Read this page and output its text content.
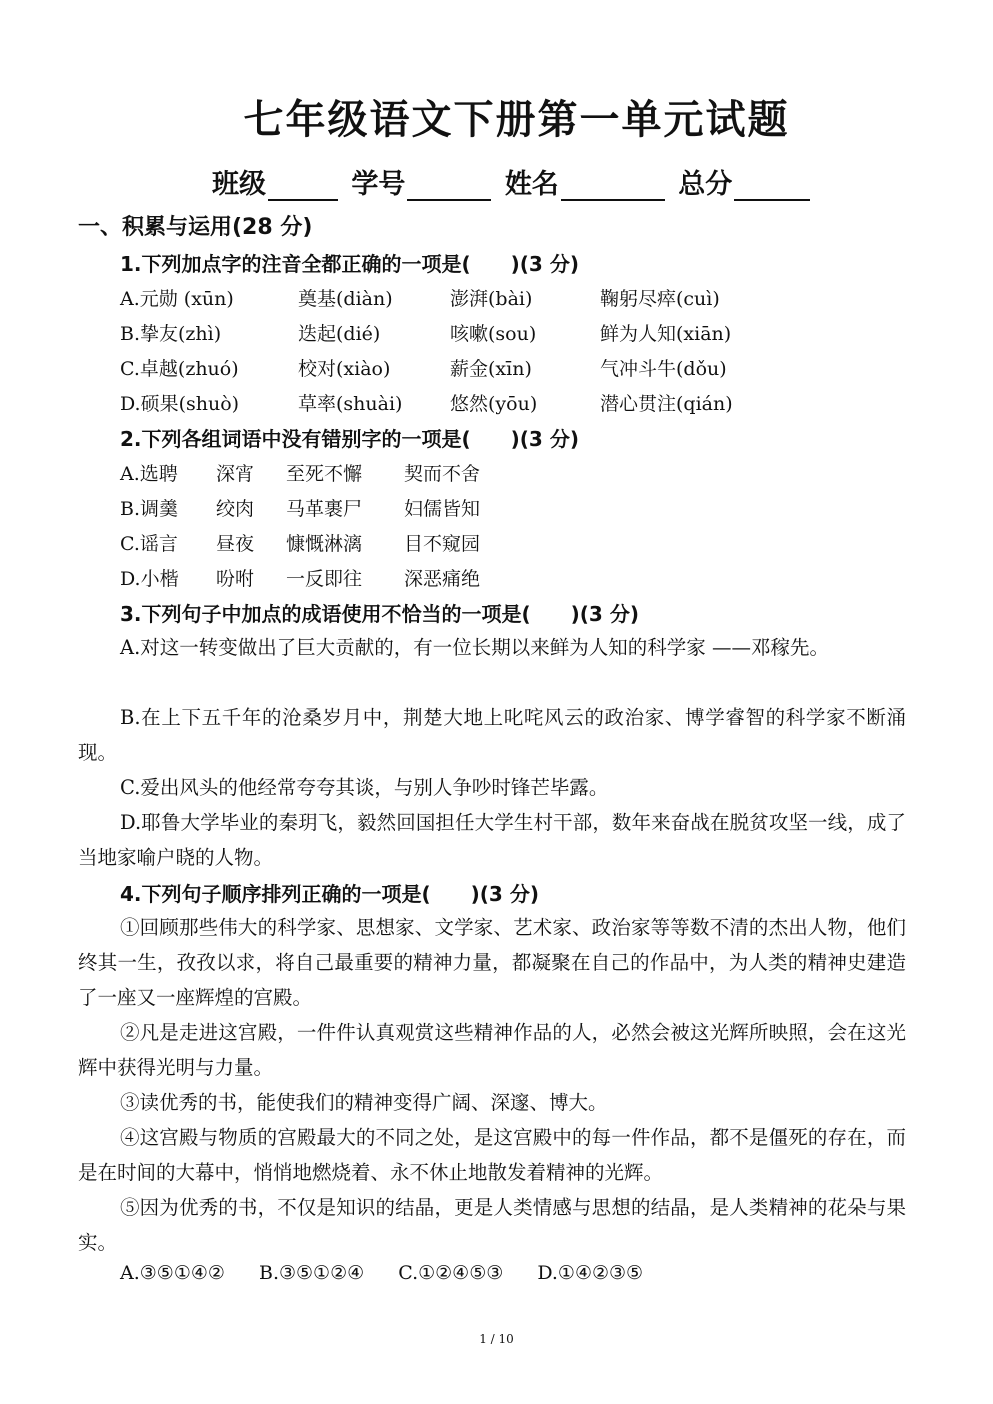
七年级语文下册第一单元试题
班级	学号	姓名	总分
一、积累与运用(28 分)
1.下列加点字的注音全都正确的一项是(　　)(3 分)
A.元勋 (xūn)	奠基(diàn)	澎湃(bài)	鞠躬尽瘁(cuì)
B.挚友(zhì)	迭起(dié)	咳嗽(sou)	鲜为人知(xiān)
C.卓越(zhuó)	校对(xiào)	薪金(xīn)	气冲斗牛(dǒu)
D.硕果(shuò)	草率(shuài)	悠然(yōu)	潜心贯注(qián)
2.下列各组词语中没有错别字的一项是(　　)(3 分)
A.选聘 深宵 至死不懈 契而不舍
B.调羹 绞肉 马革裹尸 妇儒皆知
C.谣言 昼夜 慷慨淋漓 目不窥园
D.小楷 吩咐 一反即往 深恶痛绝
3.下列句子中加点的成语使用不恰当的一项是(　　)(3 分)
A.对这一转变做出了巨大贡献的，有一位长期以来鲜为人知的科学家 ——邓稼先。
B.在上下五千年的沧桑岁月中，荆楚大地上叱咤风云的政治家、博学睿智的科学家不断涌现。
C.爱出风头的他经常夸夸其谈，与别人争吵时锋芒毕露。
D.耶鲁大学毕业的秦玥飞，毅然回国担任大学生村干部，数年来奋战在脱贫攻坚一线，成了当地家喻户晓的人物。
4.下列句子顺序排列正确的一项是(　　)(3 分)
①回顾那些伟大的科学家、思想家、文学家、艺术家、政治家等等数不清的杰出人物，他们终其一生，孜孜以求，将自己最重要的精神力量，都凝聚在自己的作品中，为人类的精神史建造了一座又一座辉煌的宫殿。
②凡是走进这宫殿，一件件认真观赏这些精神作品的人，必然会被这光辉所映照，会在这光辉中获得光明与力量。
③读优秀的书，能使我们的精神变得广阔、深邃、博大。
④这宫殿与物质的宫殿最大的不同之处，是这宫殿中的每一件作品，都不是僵死的存在，而是在时间的大幕中，悄悄地燃烧着、永不休止地散发着精神的光辉。
⑤因为优秀的书，不仅是知识的结晶，更是人类情感与思想的结晶，是人类精神的花朵与果实。
A.③⑤①④② B.③⑤①②④ C.①②④⑤③ D.①④②③⑤
1 / 10
